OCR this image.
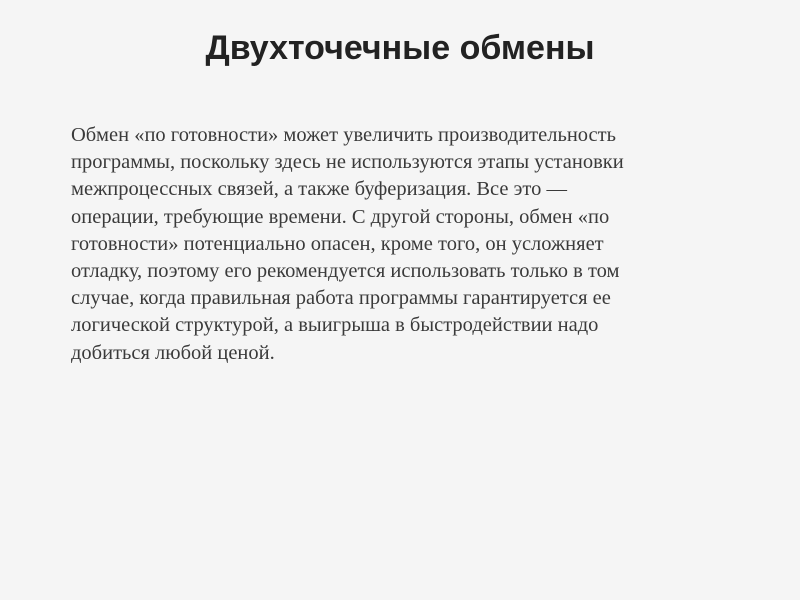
Двухточечные обмены

Обмен «по готовности» может увеличить производительность
программы, поскольку здесь не используются этапы установки
межпроцессных связей, а также буферизация. Все это —
операции, требующие времени. С другой стороны, обмен «по
готовности» потенциально опасен, кроме того, он усложняет
отладку, поэтому его рекомендуется использовать только в том
случае, когда правильная работа программы гарантируется ее
логической структурой, а выигрыша в быстродействии надо
добиться любой ценой.
